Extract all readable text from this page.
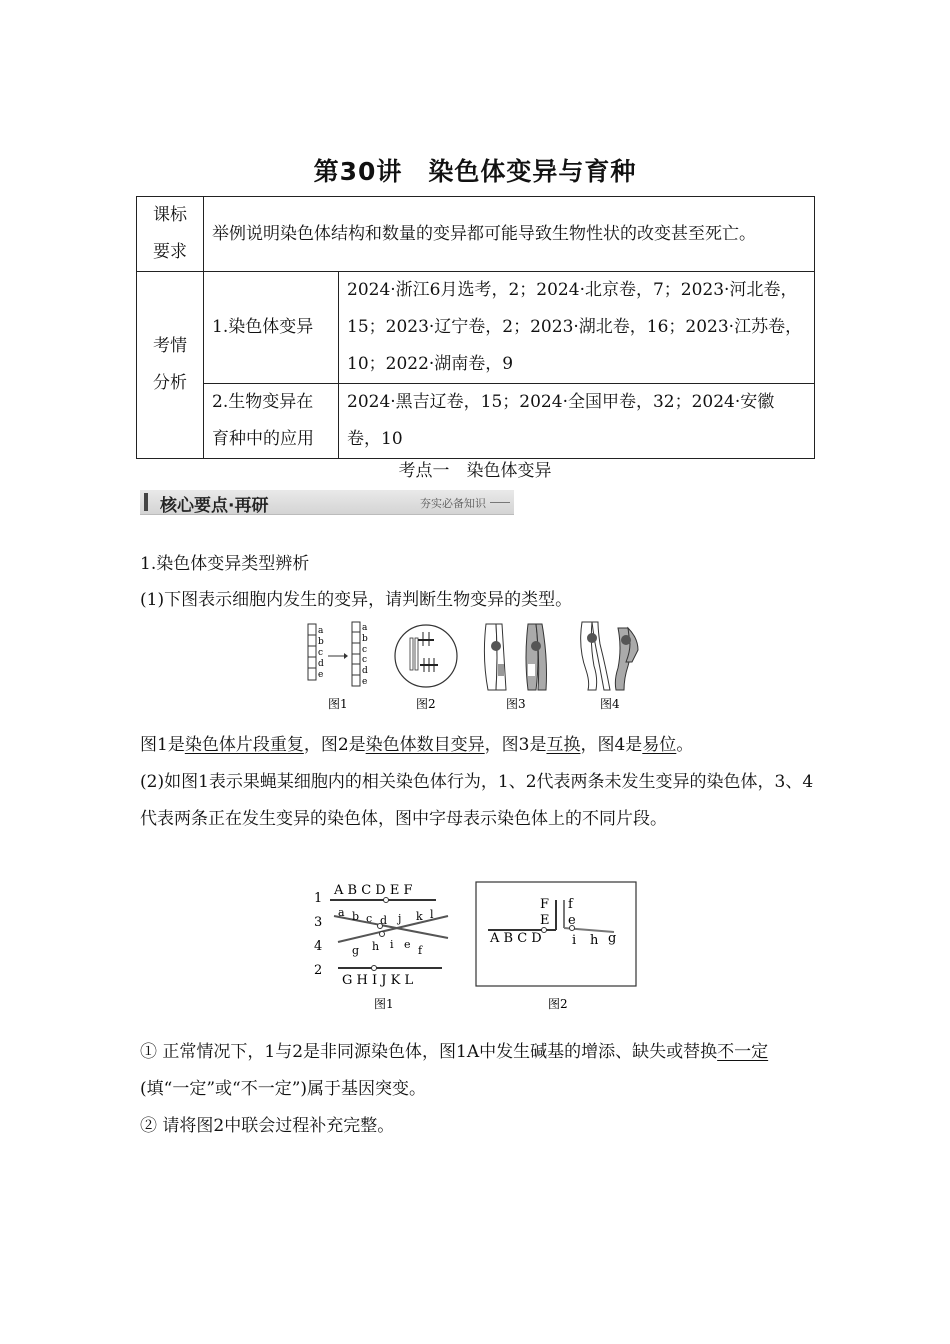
第30讲　染色体变异与育种
课标要求	举例说明染色体结构和数量的变异都可能导致生物性状的改变甚至死亡。	
考情分析	1.染色体变异	2024·浙江6月选考，2；2024·北京卷，7；2023·河北卷，15；2023·辽宁卷，2；2023·湖北卷，16；2023·江苏卷，10；2022·湖南卷，9
	2.生物变异在育种中的应用	2024·黑吉辽卷，15；2024·全国甲卷，32；2024·安徽卷，10
考点一　染色体变异
核心要点·再研	夯实必备知识
1.染色体变异类型辨析
(1)下图表示细胞内发生的变异，请判断生物变异的类型。
a
b
c
d
e
a
b
c
c
d
e
图1	图2	图3	图4
图1是染色体片段重复，图2是染色体数目变异，图3是互换，图4是易位。
(2)如图1表示果蝇某细胞内的相关染色体行为，1、2代表两条未发生变异的染色体，3、4代表两条正在发生变异的染色体，图中字母表示染色体上的不同片段。
1
3
4
2
A B C D E F
a b c d j k l
g h i e f
G H I J K L
图1
A B C D
F
E
f
e
i h g
图2
① 正常情况下，1与2是非同源染色体，图1A中发生碱基的增添、缺失或替换不一定(填“一定”或“不一定”)属于基因突变。
② 请将图2中联会过程补充完整。
